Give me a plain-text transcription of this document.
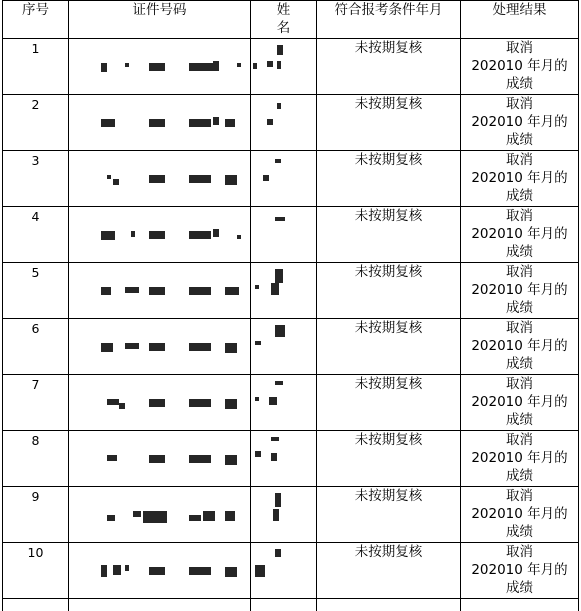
序号	证件号码	姓名	符合报考条件年月	处理结果
1			未按期复核	取消
202010 年月的
成绩

2			未按期复核	取消
202010 年月的
成绩

3			未按期复核	取消
202010 年月的
成绩

4			未按期复核	取消
202010 年月的
成绩

5			未按期复核	取消
202010 年月的
成绩

6			未按期复核	取消
202010 年月的
成绩

7			未按期复核	取消
202010 年月的
成绩

8			未按期复核	取消
202010 年月的
成绩

9			未按期复核	取消
202010 年月的
成绩

10			未按期复核	取消
202010 年月的
成绩
